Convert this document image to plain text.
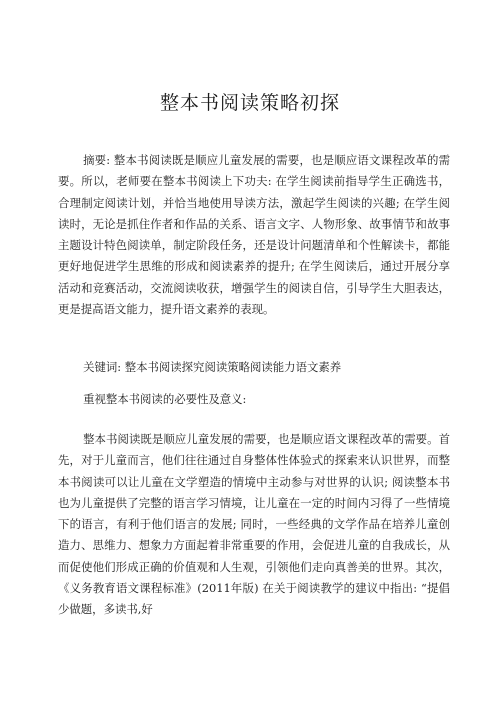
整本书阅读策略初探

摘要: 整本书阅读既是顺应儿童发展的需要，也是顺应语文课程改革的需要。所以，老师要在整本书阅读上下功夫: 在学生阅读前指导学生正确选书，合理制定阅读计划，并恰当地使用导读方法，激起学生阅读的兴趣; 在学生阅读时，无论是抓住作者和作品的关系、语言文字、人物形象、故事情节和故事主题设计特色阅读单，制定阶段任务，还是设计问题清单和个性解读卡，都能更好地促进学生思维的形成和阅读素养的提升; 在学生阅读后，通过开展分享活动和竞赛活动，交流阅读收获，增强学生的阅读自信，引导学生大胆表达，更是提高语文能力，提升语文素养的表现。

关键词: 整本书阅读探究阅读策略阅读能力语文素养

重视整本书阅读的必要性及意义:

整本书阅读既是顺应儿童发展的需要，也是顺应语文课程改革的需要。首先，对于儿童而言，他们往往通过自身整体性体验式的探索来认识世界，而整本书阅读可以让儿童在文学塑造的情境中主动参与对世界的认识; 阅读整本书也为儿童提供了完整的语言学习情境，让儿童在一定的时间内习得了一些情境下的语言，有利于他们语言的发展; 同时，一些经典的文学作品在培养儿童创造力、思维力、想象力方面起着非常重要的作用，会促进儿童的自我成长，从而促使他们形成正确的价值观和人生观，引领他们走向真善美的世界。其次，《义务教育语文课程标准》(2011年版) 在关于阅读教学的建议中指出: “提倡少做题，多读书,好
